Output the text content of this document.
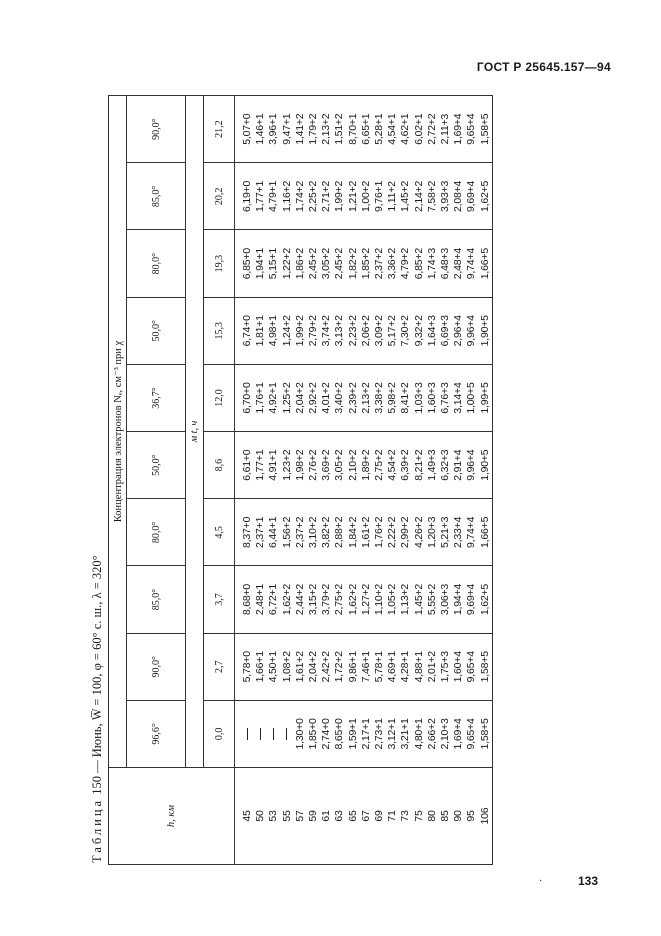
ГОСТ Р 25645.157—94
Таблица 150 — Июнь, W̅ = 100, φ = 60° с. ш., λ = 320°
h, км	Концентрация электронов Nₑ, см⁻³ при χ									
	96,6°	90,0°	85,0°	80,0°	50,0°	36,7°	50,0°	80,0°	85,0°	90,0°
	м t, ч									
	0,0	2,7	3,7	4,5	8,6	12,0	15,3	19,3	20,2	21,2
45		5,78+0	8,68+0	8,37+0	6,61+0	6,70+0	6,74+0	6,85+0	6,19+0	5,07+0
50		1,66+1	2,48+1	2,37+1	1,77+1	1,76+1	1,81+1	1,94+1	1,77+1	1,46+1
53		4,50+1	6,72+1	6,44+1	4,91+1	4,92+1	4,98+1	5,15+1	4,79+1	3,96+1
55		1,08+2	1,62+2	1,56+2	1,23+2	1,25+2	1,24+2	1,22+2	1,16+2	9,47+1
57	1,30+0	1,61+2	2,44+2	2,37+2	1,98+2	2,04+2	1,99+2	1,86+2	1,74+2	1,41+2
59	1,85+0	2,04+2	3,15+2	3,10+2	2,76+2	2,92+2	2,79+2	2,45+2	2,25+2	1,79+2
61	2,74+0	2,42+2	3,79+2	3,82+2	3,69+2	4,01+2	3,74+2	3,05+2	2,71+2	2,13+2
63	8,65+0	1,72+2	2,75+2	2,88+2	3,05+2	3,40+2	3,13+2	2,45+2	1,99+2	1,51+2
65	1,59+1	9,86+1	1,62+2	1,84+2	2,10+2	2,39+2	2,23+2	1,82+2	1,21+2	8,70+1
67	2,17+1	7,46+1	1,27+2	1,61+2	1,89+2	2,13+2	2,06+2	1,85+2	1,00+2	6,65+1
69	2,73+1	5,78+1	1,10+2	1,76+2	2,75+2	3,38+2	3,09+2	2,37+2	9,76+1	5,28+1
71	3,12+1	4,69+1	1,05+2	2,22+2	4,54+2	5,98+2	5,17+2	3,36+2	1,11+2	4,54+1
73	3,21+1	4,28+1	1,13+2	2,99+2	6,39+2	8,41+2	7,30+2	4,79+2	1,45+2	4,62+1
75	4,80+1	4,88+1	1,45+2	4,26+2	8,21+2	1,03+3	9,32+2	6,85+2	2,14+2	6,02+1
80	2,66+2	2,01+2	5,55+2	1,20+3	1,49+3	1,60+3	1,64+3	1,74+3	7,58+2	2,72+2
85	2,10+3	1,75+3	3,06+3	5,21+3	6,32+3	6,76+3	6,69+3	6,48+3	3,93+3	2,11+3
90	1,69+4	1,60+4	1,94+4	2,33+4	2,91+4	3,14+4	2,96+4	2,48+4	2,08+4	1,69+4
95	9,65+4	9,65+4	9,69+4	9,74+4	9,96+4	1,00+5	9,96+4	9,74+4	9,69+4	9,65+4
106	1,58+5	1,58+5	1,62+5	1,66+5	1,90+5	1,99+5	1,90+5	1,66+5	1,62+5	1,58+5
·	133
